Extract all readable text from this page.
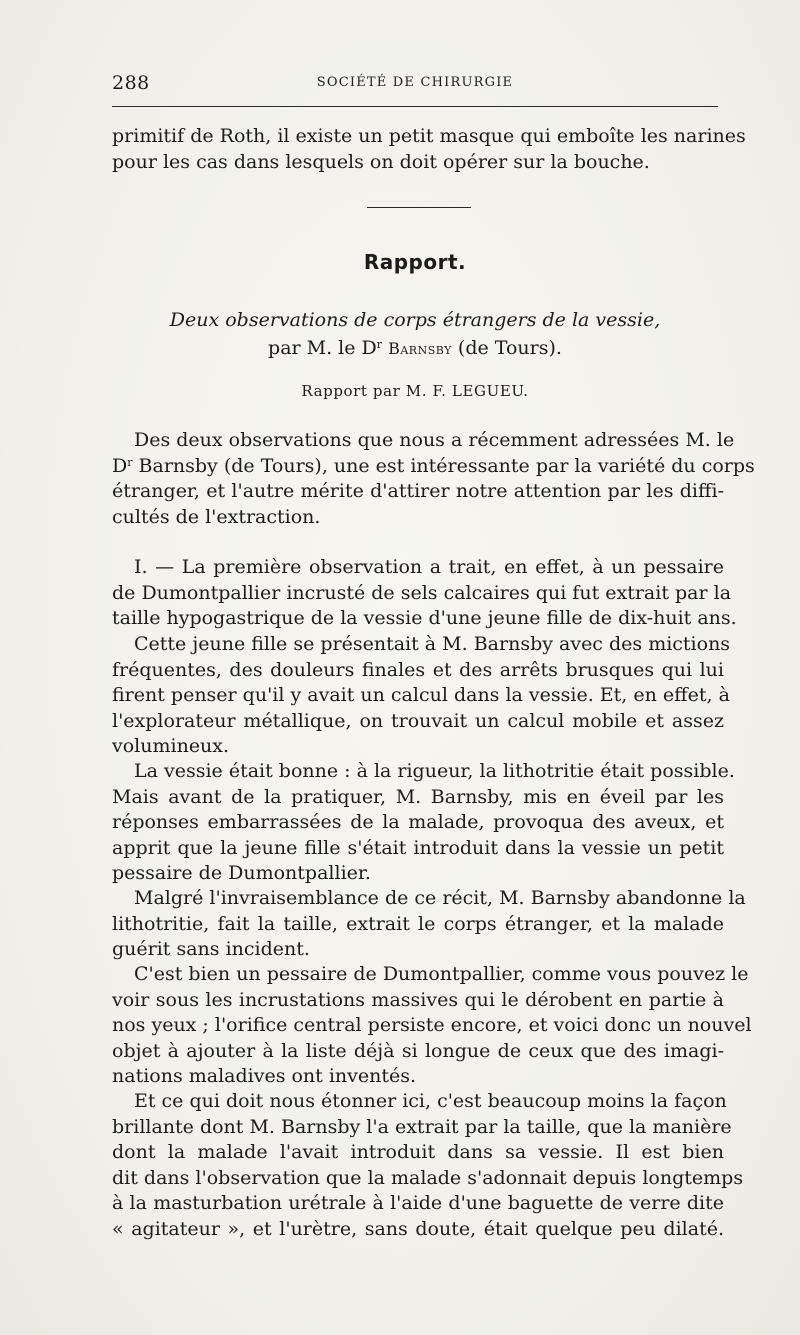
288	SOCIÉTÉ DE CHIRURGIE
primitif de Roth, il existe un petit masque qui emboîte les narines
pour les cas dans lesquels on doit opérer sur la bouche.
Rapport.
Deux observations de corps étrangers de la vessie,
par M. le $D^r$ Barnsby (de Tours).
Rapport par M. F. LEGUEU.
Des deux observations que nous a récemment adressées M. le
$D^r$ Barnsby (de Tours), une est intéressante par la variété du corps
étranger, et l'autre mérite d'attirer notre attention par les diffi-
cultés de l'extraction.
I. — La première observation a trait, en effet, à un pessaire
de Dumontpallier incrusté de sels calcaires qui fut extrait par la
taille hypogastrique de la vessie d'une jeune fille de dix-huit ans.
Cette jeune fille se présentait à M. Barnsby avec des mictions
fréquentes, des douleurs finales et des arrêts brusques qui lui
firent penser qu'il y avait un calcul dans la vessie. Et, en effet, à
l'explorateur métallique, on trouvait un calcul mobile et assez
volumineux.
La vessie était bonne : à la rigueur, la lithotritie était possible.
Mais avant de la pratiquer, M. Barnsby, mis en éveil par les
réponses embarrassées de la malade, provoqua des aveux, et
apprit que la jeune fille s'était introduit dans la vessie un petit
pessaire de Dumontpallier.
Malgré l'invraisemblance de ce récit, M. Barnsby abandonne la
lithotritie, fait la taille, extrait le corps étranger, et la malade
guérit sans incident.
C'est bien un pessaire de Dumontpallier, comme vous pouvez le
voir sous les incrustations massives qui le dérobent en partie à
nos yeux ; l'orifice central persiste encore, et voici donc un nouvel
objet à ajouter à la liste déjà si longue de ceux que des imagi-
nations maladives ont inventés.
Et ce qui doit nous étonner ici, c'est beaucoup moins la façon
brillante dont M. Barnsby l'a extrait par la taille, que la manière
dont la malade l'avait introduit dans sa vessie. Il est bien
dit dans l'observation que la malade s'adonnait depuis longtemps
à la masturbation urétrale à l'aide d'une baguette de verre dite
« agitateur », et l'urètre, sans doute, était quelque peu dilaté.
